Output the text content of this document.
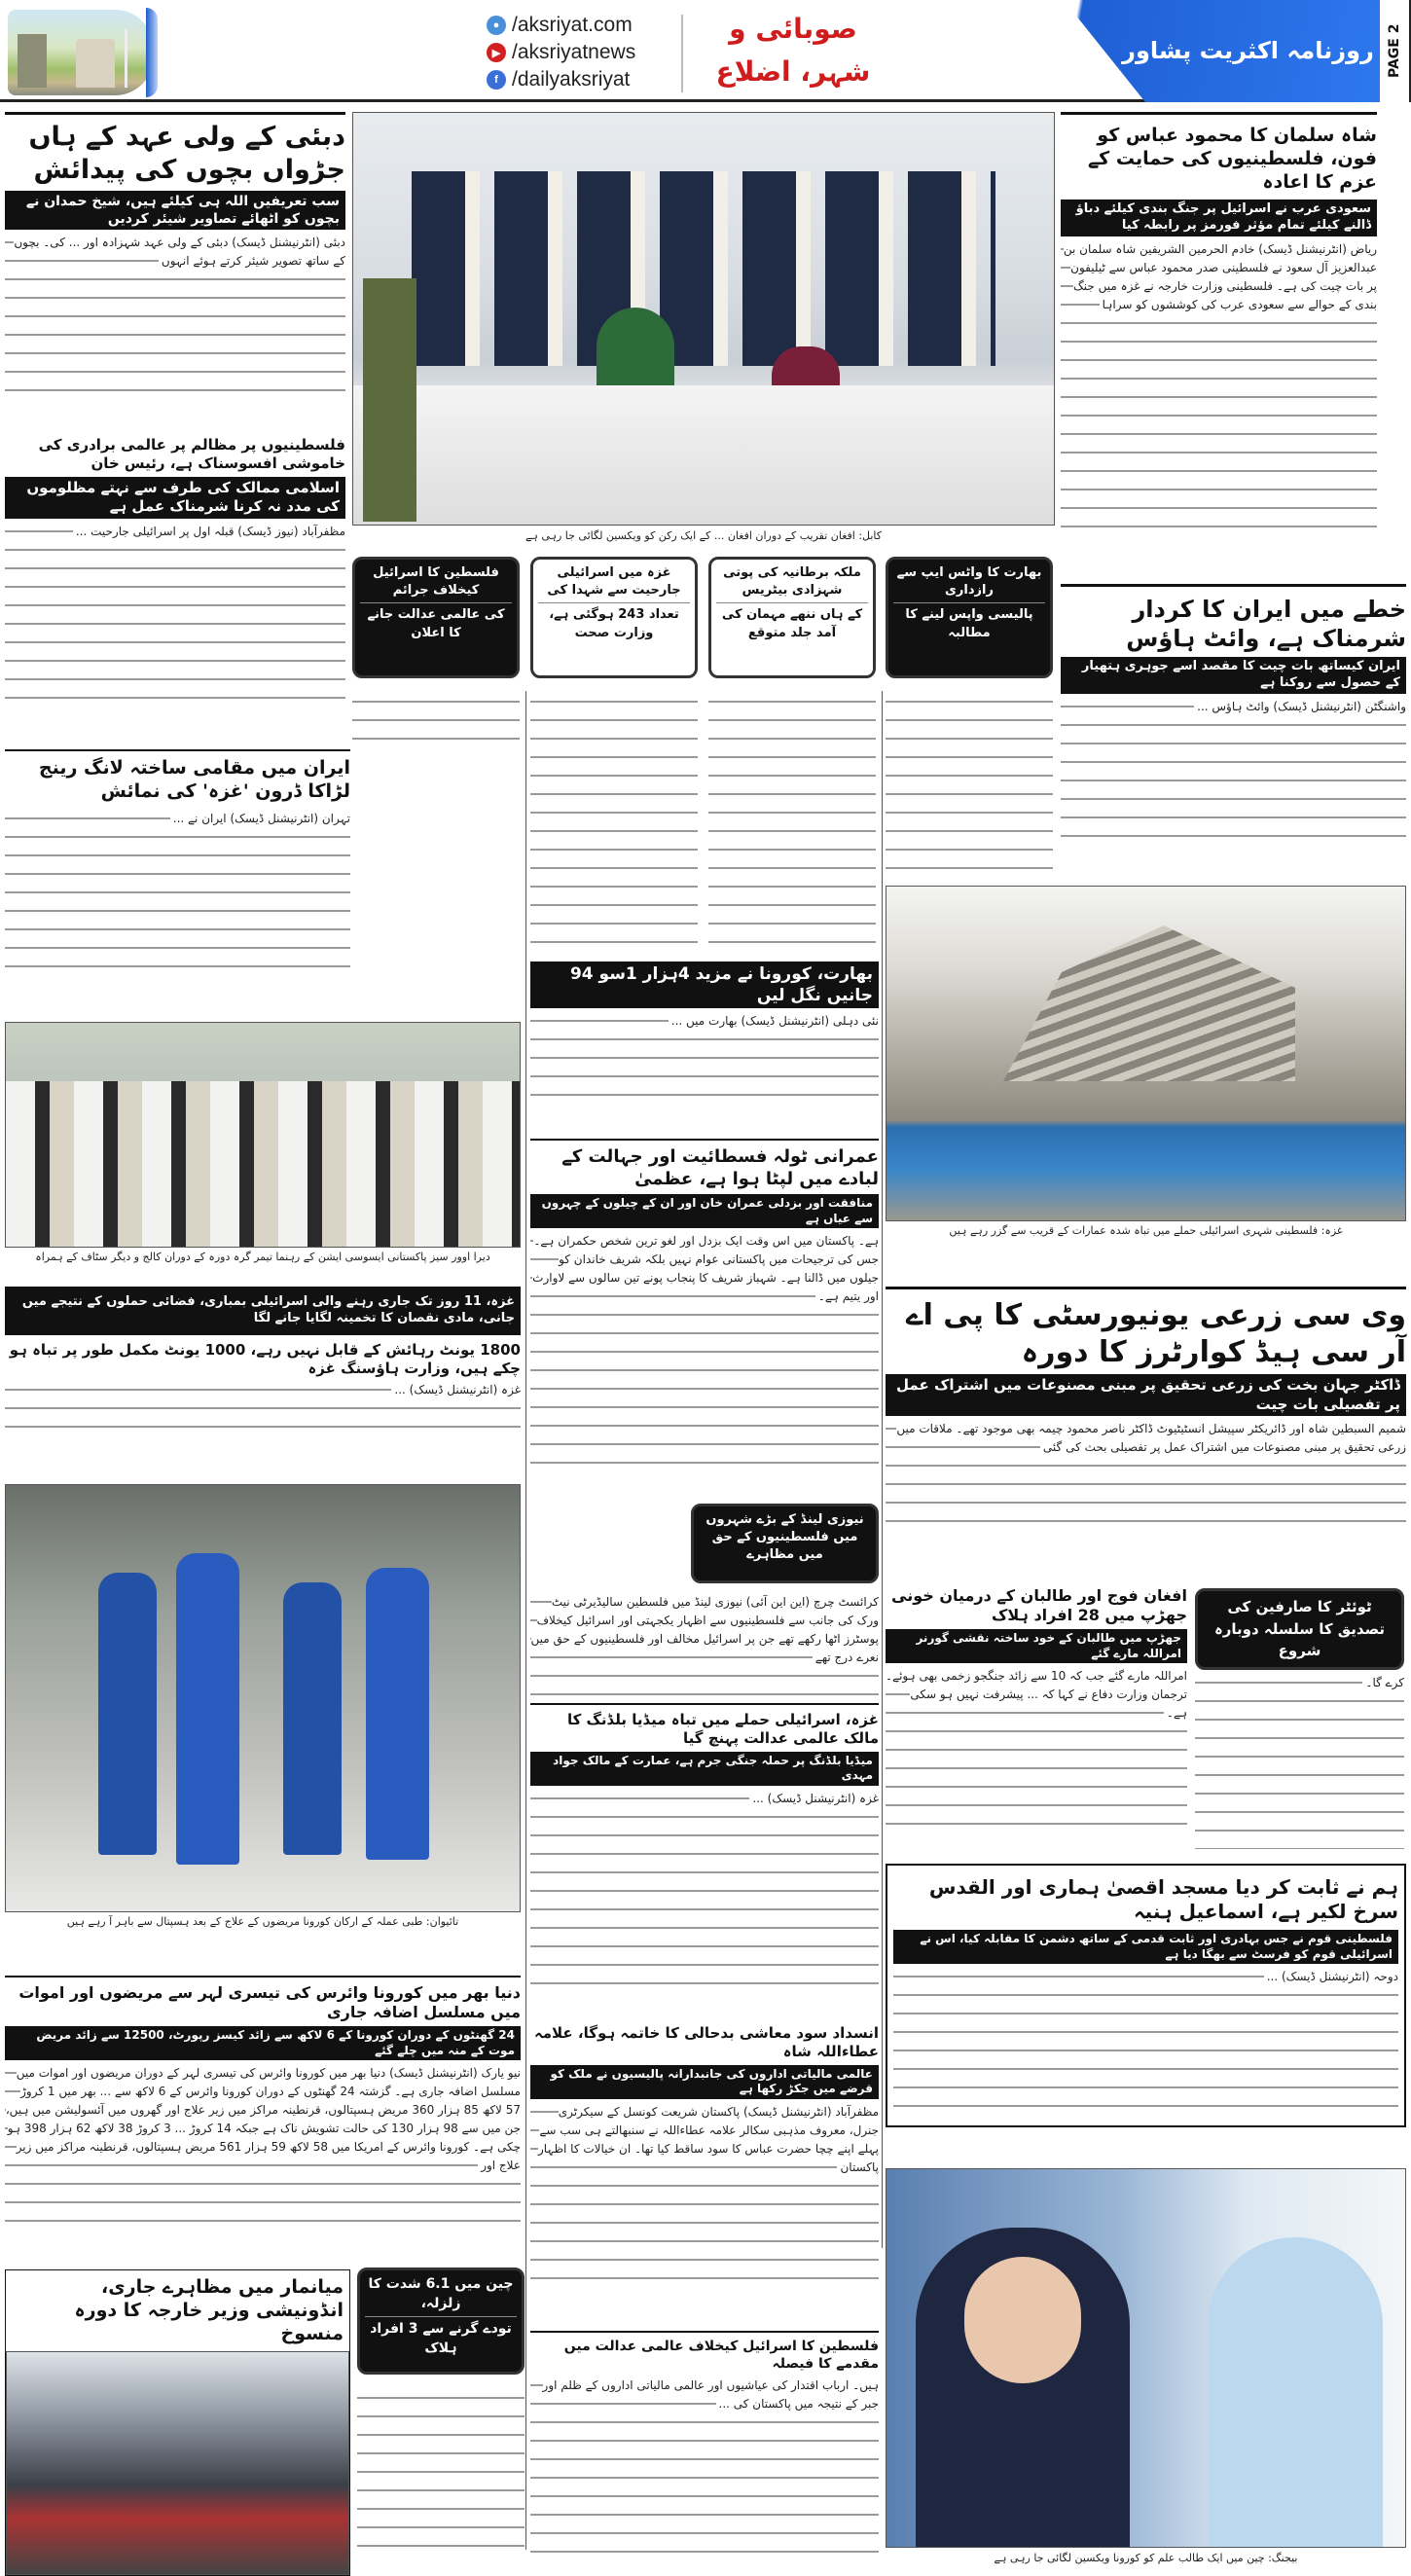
● /aksriyat.com
▶ /aksriyatnews
f /dailyaksriyat
صوبائی و
شہر، اضلاع
روزنامہ اکثریت پشاور PAGE 2
دبئی کے ولی عہد کے ہاں جڑواں بچوں کی پیدائش
سب تعریفیں اللہ ہی کیلئے ہیں، شیخ حمدان نے بچوں کو اٹھائے تصاویر شیئر کردیں
دبئی (انٹرنیشنل ڈیسک) دبئی کے ولی عہد شہزادہ اور ... کی۔ بچوں کے ساتھ تصویر شیئر کرتے ہوئے انہوں
فلسطینیوں پر مظالم پر عالمی برادری کی خاموشی افسوسناک ہے، رئیس خان
اسلامی ممالک کی طرف سے نہتے مظلوموں کی مدد نہ کرنا شرمناک عمل ہے
مظفرآباد (نیوز ڈیسک) قبلہ اول پر اسرائیلی جارحیت ...	کابل: افغان تقریب کے دوران افغان ... کے ایک رکن کو ویکسین لگائی جا رہی ہے
شاہ سلمان کا محمود عباس کو فون، فلسطینیوں کی حمایت کے عزم کا اعادہ
سعودی عرب نے اسرائیل پر جنگ بندی کیلئے دباؤ ڈالنے کیلئے تمام مؤثر فورمز پر رابطہ کیا
ریاض (انٹرنیشنل ڈیسک) خادم الحرمین الشریفین شاہ سلمان بن عبدالعزیز آل سعود نے فلسطینی صدر محمود عباس سے ٹیلیفون پر بات چیت کی ہے۔ فلسطینی وزارت خارجہ نے غزہ میں جنگ بندی کے حوالے سے سعودی عرب کی کوششوں کو سراہا
فلسطین کا اسرائیل کیخلاف جرائم
کی عالمی عدالت جانے کا اعلان
غزہ میں اسرائیلی جارحیت سے شہدا کی
تعداد 243 ہوگئی ہے، وزارت صحت
ملکہ برطانیہ کی پوتی شہزادی بیٹریس
کے ہاں ننھے مہمان کی آمد جلد متوقع
بھارت کا واٹس ایپ سے رازداری
پالیسی واپس لینے کا مطالبہ
خطے میں ایران کا کردار شرمناک ہے، وائٹ ہاؤس
ایران کیساتھ بات چیت کا مقصد اسے جوہری ہتھیار کے حصول سے روکنا ہے
واشنگٹن (انٹرنیشنل ڈیسک) وائٹ ہاؤس ...
غزہ: فلسطینی شہری اسرائیلی حملے میں تباہ شدہ عمارات کے قریب سے گزر رہے ہیں
ایران میں مقامی ساختہ لانگ رینج لڑاکا ڈرون 'غزہ' کی نمائش
تہران (انٹرنیشنل ڈیسک) ایران نے ...
دیرا اوور سیز پاکستانی ایسوسی ایشن کے رہنما تیمر گرہ دورہ کے دوران کالج و دیگر سٹاف کے ہمراہ
بھارت، کورونا نے مزید 4ہزار 1سو 94 جانیں نگل لیں
نئی دہلی (انٹرنیشنل ڈیسک) بھارت میں ...
عمرانی ٹولہ فسطائیت اور جہالت کے لبادے میں لپٹا ہوا ہے، عظمیٰ
منافقت اور بزدلی عمران خان اور ان کے چیلوں کے چہروں سے عیاں ہے
ہے۔ پاکستان میں اس وقت ایک بزدل اور لغو ترین شخص حکمران ہے۔ جس کی ترجیحات میں پاکستانی عوام نہیں بلکہ شریف خاندان کو جیلوں میں ڈالنا ہے۔ شہباز شریف کا پنجاب پونے تین سالوں سے لاوارث اور یتیم ہے۔
نیوزی لینڈ کے بڑے شہروں میں فلسطینیوں کے حق میں مظاہرے
کرائسٹ چرچ (این این آئی) نیوزی لینڈ میں فلسطین سالیڈیرٹی نیٹ ورک کی جانب سے فلسطینیوں سے اظہار یکجہتی اور اسرائیل کیخلاف پوسٹرز اٹھا رکھے تھے جن پر اسرائیل مخالف اور فلسطینیوں کے حق میں نعرے درج تھے
غزہ، 11 روز تک جاری رہنے والی اسرائیلی بمباری، فضائی حملوں کے نتیجے میں جانی، مادی نقصان کا تخمینہ لگایا جانے لگا
1800 یونٹ رہائش کے قابل نہیں رہے، 1000 یونٹ مکمل طور پر تباہ ہو چکے ہیں، وزارت ہاؤسنگ غزہ
غزہ (انٹرنیشنل ڈیسک) ...
تائیوان: طبی عملہ کے ارکان کورونا مریضوں کے علاج کے بعد ہسپتال سے باہر آ رہے ہیں
وی سی زرعی یونیورسٹی کا پی اے آر سی ہیڈ کوارٹرز کا دورہ
ڈاکٹر جہان بخت کی زرعی تحقیق پر مبنی مصنوعات میں اشتراک عمل پر تفصیلی بات چیت
شمیم السبطین شاہ اور ڈائریکٹر سپیشل انسٹیٹیوٹ ڈاکٹر ناصر محمود چیمہ بھی موجود تھے۔ ملاقات میں زرعی تحقیق پر مبنی مصنوعات میں اشتراک عمل پر تفصیلی بحث کی گئی
ٹوئٹر کا صارفین کی تصدیق کا سلسلہ دوبارہ شروع
کرے گا۔
افغان فوج اور طالبان کے درمیان خونی جھڑپ میں 28 افراد ہلاک
جھڑپ میں طالبان کے خود ساختہ نقشی گورنر امراللہ مارے گئے
امراللہ مارے گئے جب کہ 10 سے زائد جنگجو زخمی بھی ہوئے۔ ترجمان وزارت دفاع نے کہا کہ ... پیشرفت نہیں ہو سکی ہے۔
غزہ، اسرائیلی حملے میں تباہ میڈیا بلڈنگ کا مالک عالمی عدالت پہنچ گیا
میڈیا بلڈنگ پر حملہ جنگی جرم ہے، عمارت کے مالک جواد مہدی
غزہ (انٹرنیشنل ڈیسک) ...
ہم نے ثابت کر دیا مسجد اقصیٰ ہماری اور القدس سرخ لکیر ہے، اسماعیل ہنیہ
فلسطینی قوم نے جس بہادری اور ثابت قدمی کے ساتھ دشمن کا مقابلہ کیا، اس نے اسرائیلی قوم کو فرسٹ سے بھگا دیا ہے
دوحہ (انٹرنیشنل ڈیسک) ...
بیجنگ: چین میں ایک طالب علم کو کورونا ویکسین لگائی جا رہی ہے
دنیا بھر میں کورونا وائرس کی تیسری لہر سے مریضوں اور اموات میں مسلسل اضافہ جاری
24 گھنٹوں کے دوران کورونا کے 6 لاکھ سے زائد کیسز رپورٹ، 12500 سے زائد مریض موت کے منہ میں چلے گئے
نیو یارک (انٹرنیشنل ڈیسک) دنیا بھر میں کورونا وائرس کی تیسری لہر کے دوران مریضوں اور اموات میں مسلسل اضافہ جاری ہے۔ گزشتہ 24 گھنٹوں کے دوران کورونا وائرس کے 6 لاکھ سے ... بھر میں 1 کروڑ 57 لاکھ 85 ہزار 360 مریض ہسپتالوں، قرنطینہ مراکز میں زیر علاج اور گھروں میں آئسولیشن میں ہیں، جن میں سے 98 ہزار 130 کی حالت تشویش ناک ہے جبکہ 14 کروڑ ... 3 کروڑ 38 لاکھ 62 ہزار 398 ہو چکی ہے۔ کورونا وائرس کے امریکا میں 58 لاکھ 59 ہزار 561 مریض ہسپتالوں، قرنطینہ مراکز میں زیر علاج اور
انسداد سود معاشی بدحالی کا خاتمہ ہوگا، علامہ عطاءاللہ شاہ
عالمی مالیاتی اداروں کی جانبدارانہ پالیسیوں نے ملک کو قرضے میں جکڑ رکھا ہے
مظفرآباد (انٹرنیشنل ڈیسک) پاکستان شریعت کونسل کے سیکرٹری جنرل، معروف مذہبی سکالر علامہ عطاءاللہ نے سنبھالتے ہی سب سے پہلے اپنے چچا حضرت عباس کا سود ساقط کیا تھا۔ ان خیالات کا اظہار پاکستان
میانمار میں مظاہرے جاری، انڈونیشی وزیر خارجہ کا دورہ منسوخ
چین میں 6.1 شدت کا زلزلہ،
تودے گرنے سے 3 افراد ہلاک	فلسطین کا اسرائیل کیخلاف عالمی عدالت میں مقدمے کا فیصلہ
ہیں۔ ارباب اقتدار کی عیاشیوں اور عالمی مالیاتی اداروں کے ظلم اور جبر کے نتیجہ میں پاکستان کی ...
